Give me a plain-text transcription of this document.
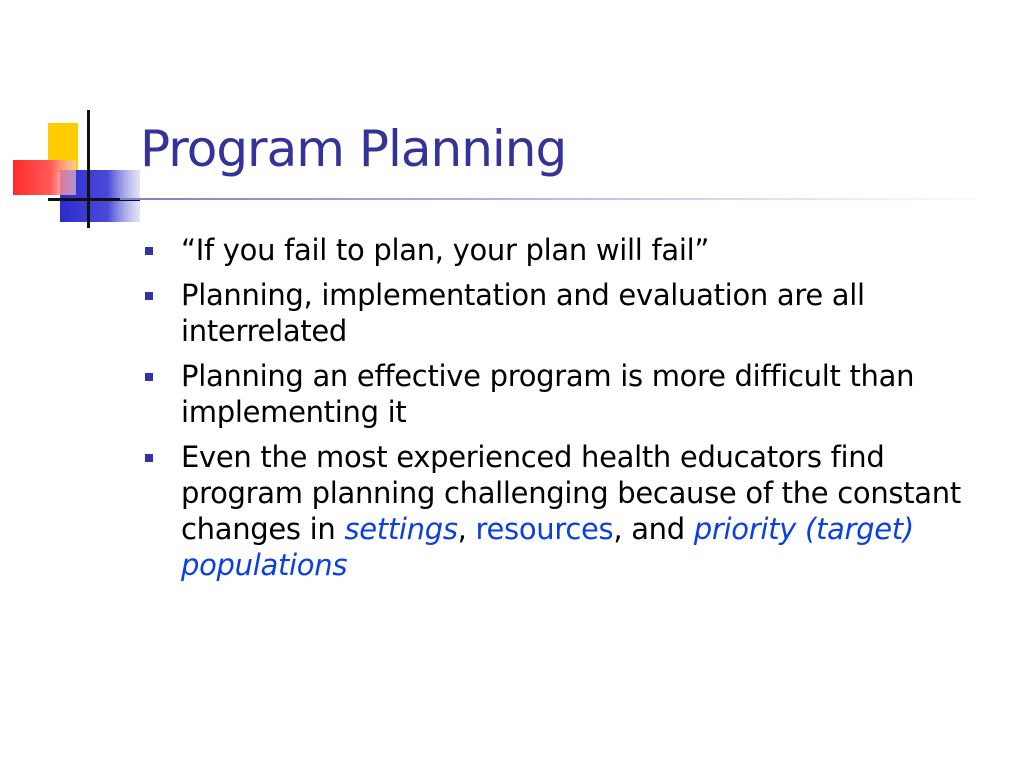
Program Planning
“If you fail to plan, your plan will fail”
Planning, implementation and evaluation are all interrelated
Planning an effective program is more difficult than implementing it
Even the most experienced health educators find program planning challenging because of the constant changes in settings, resources, and priority (target) populations
